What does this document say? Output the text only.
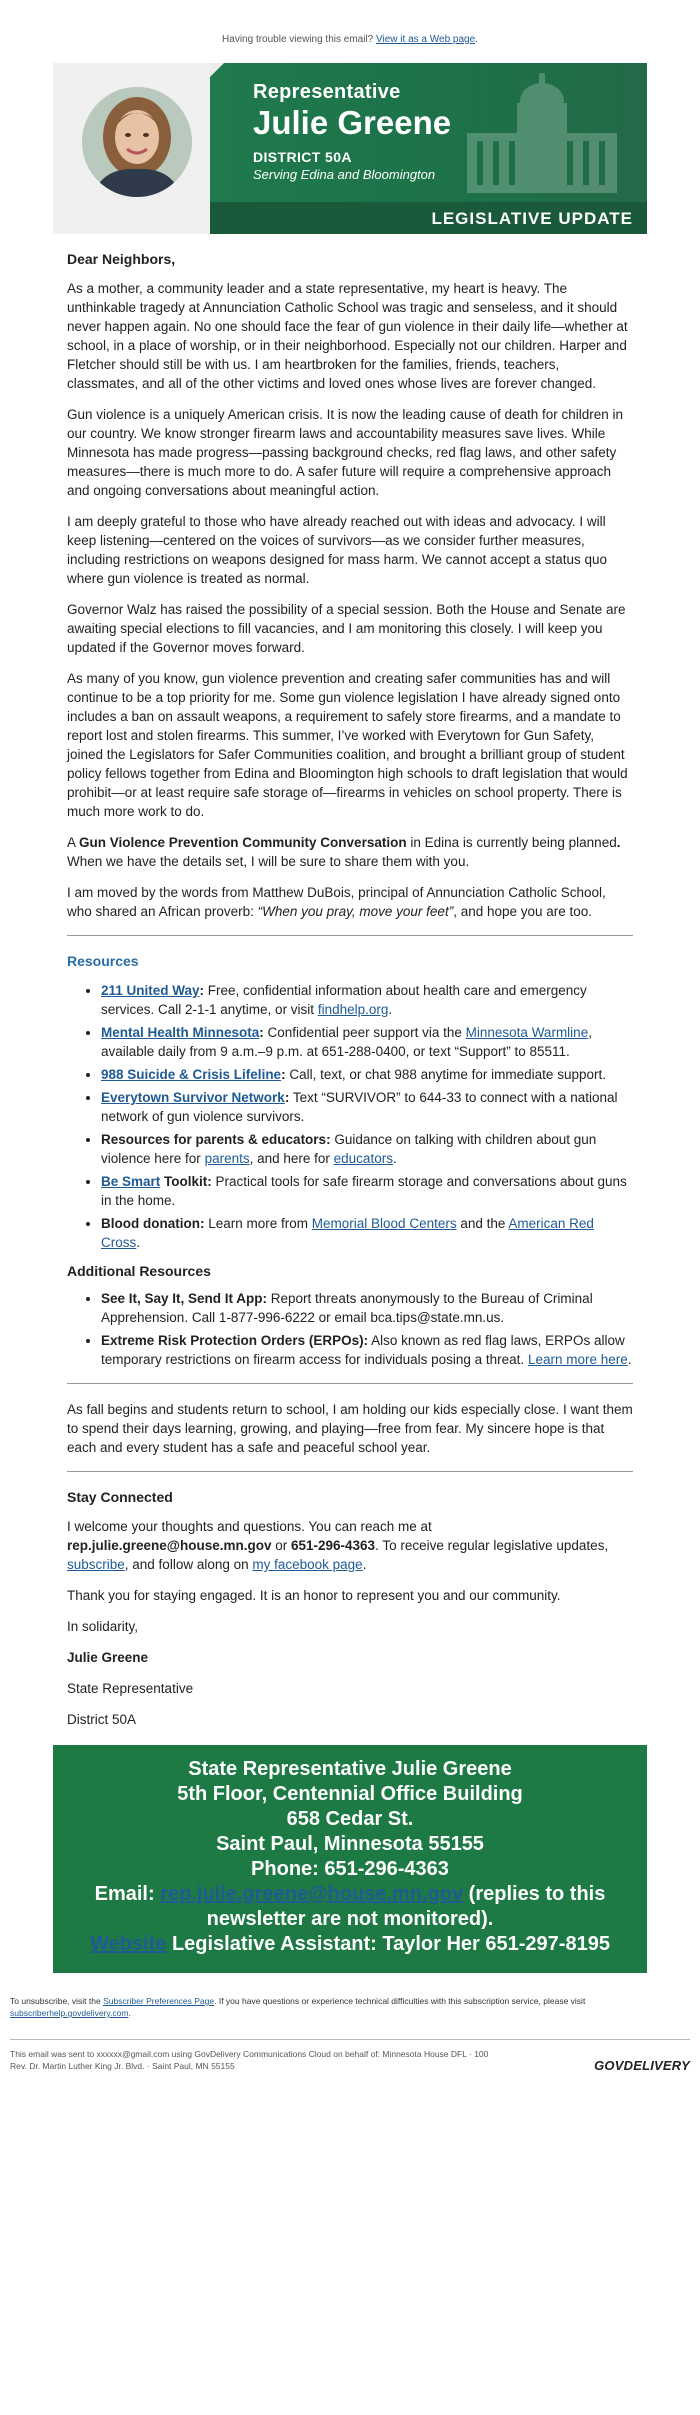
Having trouble viewing this email? View it as a Web page.
Representative
Julie Greene
DISTRICT 50A
Serving Edina and Bloomington
LEGISLATIVE UPDATE
Dear Neighbors,

As a mother, a community leader and a state representative, my heart is heavy. The unthinkable tragedy at Annunciation Catholic School was tragic and senseless, and it should never happen again. No one should face the fear of gun violence in their daily life—whether at school, in a place of worship, or in their neighborhood. Especially not our children. Harper and Fletcher should still be with us. I am heartbroken for the families, friends, teachers, classmates, and all of the other victims and loved ones whose lives are forever changed.

Gun violence is a uniquely American crisis. It is now the leading cause of death for children in our country. We know stronger firearm laws and accountability measures save lives. While Minnesota has made progress—passing background checks, red flag laws, and other safety measures—there is much more to do. A safer future will require a comprehensive approach and ongoing conversations about meaningful action.

I am deeply grateful to those who have already reached out with ideas and advocacy. I will keep listening—centered on the voices of survivors—as we consider further measures, including restrictions on weapons designed for mass harm. We cannot accept a status quo where gun violence is treated as normal.

Governor Walz has raised the possibility of a special session. Both the House and Senate are awaiting special elections to fill vacancies, and I am monitoring this closely. I will keep you updated if the Governor moves forward.

As many of you know, gun violence prevention and creating safer communities has and will continue to be a top priority for me. Some gun violence legislation I have already signed onto includes a ban on assault weapons, a requirement to safely store firearms, and a mandate to report lost and stolen firearms. This summer, I’ve worked with Everytown for Gun Safety, joined the Legislators for Safer Communities coalition, and brought a brilliant group of student policy fellows together from Edina and Bloomington high schools to draft legislation that would prohibit—or at least require safe storage of—firearms in vehicles on school property. There is much more work to do.

A Gun Violence Prevention Community Conversation in Edina is currently being planned. When we have the details set, I will be sure to share them with you.

I am moved by the words from Matthew DuBois, principal of Annunciation Catholic School, who shared an African proverb: “When you pray, move your feet”, and hope you are too.

Resources
• 211 United Way: Free, confidential information about health care and emergency services. Call 2-1-1 anytime, or visit findhelp.org.
• Mental Health Minnesota: Confidential peer support via the Minnesota Warmline, available daily from 9 a.m.–9 p.m. at 651-288-0400, or text “Support” to 85511.
• 988 Suicide & Crisis Lifeline: Call, text, or chat 988 anytime for immediate support.
• Everytown Survivor Network: Text “SURVIVOR” to 644-33 to connect with a national network of gun violence survivors.
• Resources for parents & educators: Guidance on talking with children about gun violence here for parents, and here for educators.
• Be Smart Toolkit: Practical tools for safe firearm storage and conversations about guns in the home.
• Blood donation: Learn more from Memorial Blood Centers and the American Red Cross.
Additional Resources
• See It, Say It, Send It App: Report threats anonymously to the Bureau of Criminal Apprehension. Call 1-877-996-6222 or email bca.tips@state.mn.us.
• Extreme Risk Protection Orders (ERPOs): Also known as red flag laws, ERPOs allow temporary restrictions on firearm access for individuals posing a threat. Learn more here.

As fall begins and students return to school, I am holding our kids especially close. I want them to spend their days learning, growing, and playing—free from fear. My sincere hope is that each and every student has a safe and peaceful school year.

Stay Connected

I welcome your thoughts and questions. You can reach me at rep.julie.greene@house.mn.gov or 651-296-4363. To receive regular legislative updates, subscribe, and follow along on my facebook page.

Thank you for staying engaged. It is an honor to represent you and our community.

In solidarity,

Julie Greene

State Representative

District 50A

State Representative Julie Greene
5th Floor, Centennial Office Building
658 Cedar St.
Saint Paul, Minnesota 55155
Phone: 651-296-4363
Email: rep.julie.greene@house.mn.gov (replies to this newsletter are not monitored).
Website Legislative Assistant: Taylor Her 651-297-8195
To unsubscribe, visit the Subscriber Preferences Page. If you have questions or experience technical difficulties with this subscription service, please visit subscriberhelp.govdelivery.com.
This email was sent to xxxxxx@gmail.com using GovDelivery Communications Cloud on behalf of: Minnesota House DFL · 100
Rev. Dr. Martin Luther King Jr. Blvd. · Saint Paul, MN 55155	GOVDELIVERY
